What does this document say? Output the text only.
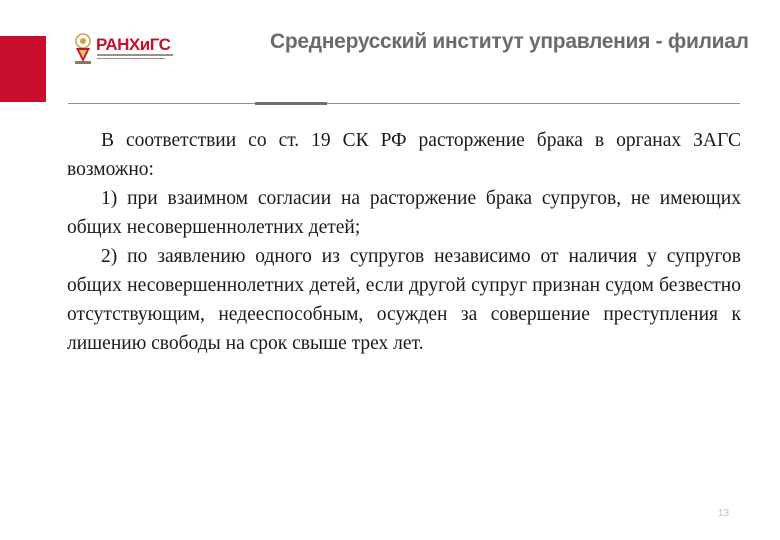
РАНХиГС	Среднерусский институт управления - филиал

В соответствии со ст. 19 СК РФ расторжение брака в органах ЗАГС возможно:

1) при взаимном согласии на расторжение брака супругов, не имеющих общих несовершеннолетних детей;

2) по заявлению одного из супругов независимо от наличия у супругов общих несовершеннолетних детей, если другой супруг признан судом безвестно отсутствующим, недееспособным, осужден за совершение преступления к лишению свободы на срок свыше трех лет.

13
